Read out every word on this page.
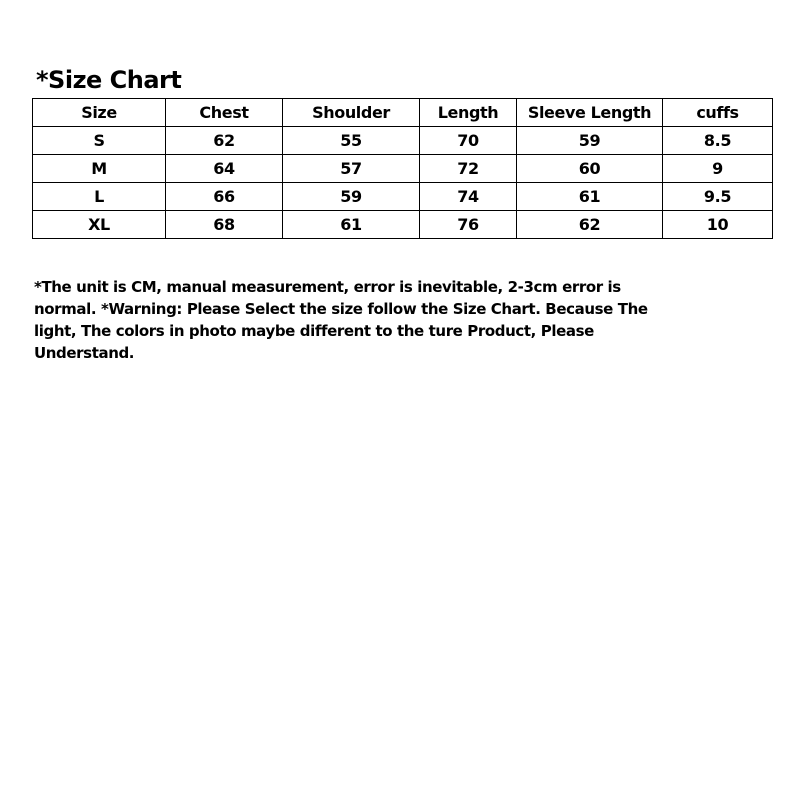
*Size Chart
Size	Chest	Shoulder	Length	Sleeve Length	cuffs
S	62	55	70	59	8.5
M	64	57	72	60	9
L	66	59	74	61	9.5
XL	68	61	76	62	10

*The unit is CM, manual measurement, error is inevitable, 2-3cm error is normal. *Warning: Please Select the size follow the Size Chart. Because The light, The colors in photo maybe different to the ture Product, Please Understand.
